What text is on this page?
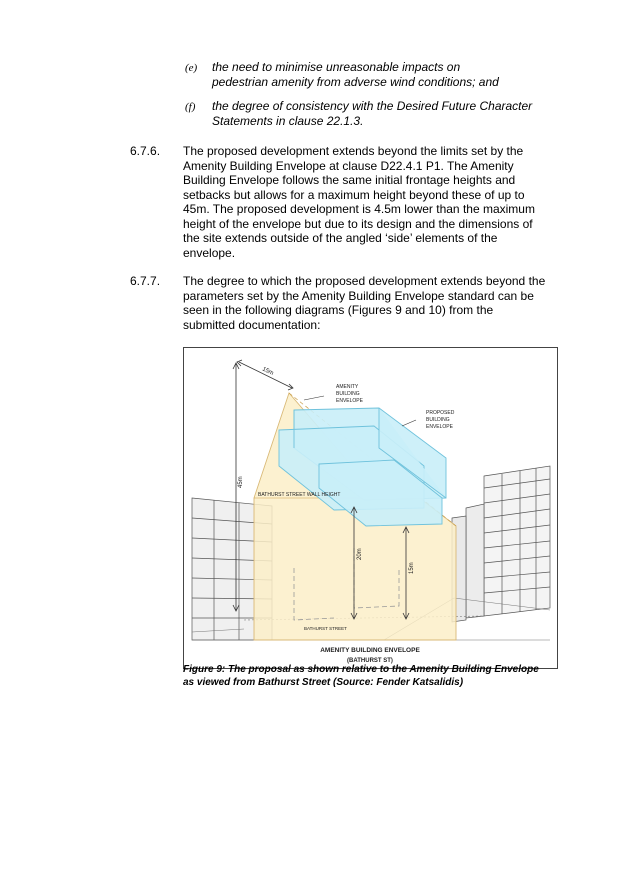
(e) the need to minimise unreasonable impacts on
pedestrian amenity from adverse wind conditions; and
(f) the degree of consistency with the Desired Future Character
Statements in clause 22.1.3.
6.7.6. The proposed development extends beyond the limits set by the
Amenity Building Envelope at clause D22.4.1 P1. The Amenity
Building Envelope follows the same initial frontage heights and
setbacks but allows for a maximum height beyond these of up to
45m. The proposed development is 4.5m lower than the maximum
height of the envelope but due to its design and the dimensions of
the site extends outside of the angled ‘side’ elements of the
envelope.
6.7.7. The degree to which the proposed development extends beyond the
parameters set by the Amenity Building Envelope standard can be
seen in the following diagrams (Figures 9 and 10) from the
submitted documentation:
15m
45m
20m
15m
AMENITY
BUILDING
ENVELOPE
PROPOSED
BUILDING
ENVELOPE
BATHURST STREET WALL HEIGHT
BATHURST STREET
AMENITY BUILDING ENVELOPE
(BATHURST ST)
Figure 9: The proposal as shown relative to the Amenity Building Envelope
as viewed from Bathurst Street (Source: Fender Katsalidis)
